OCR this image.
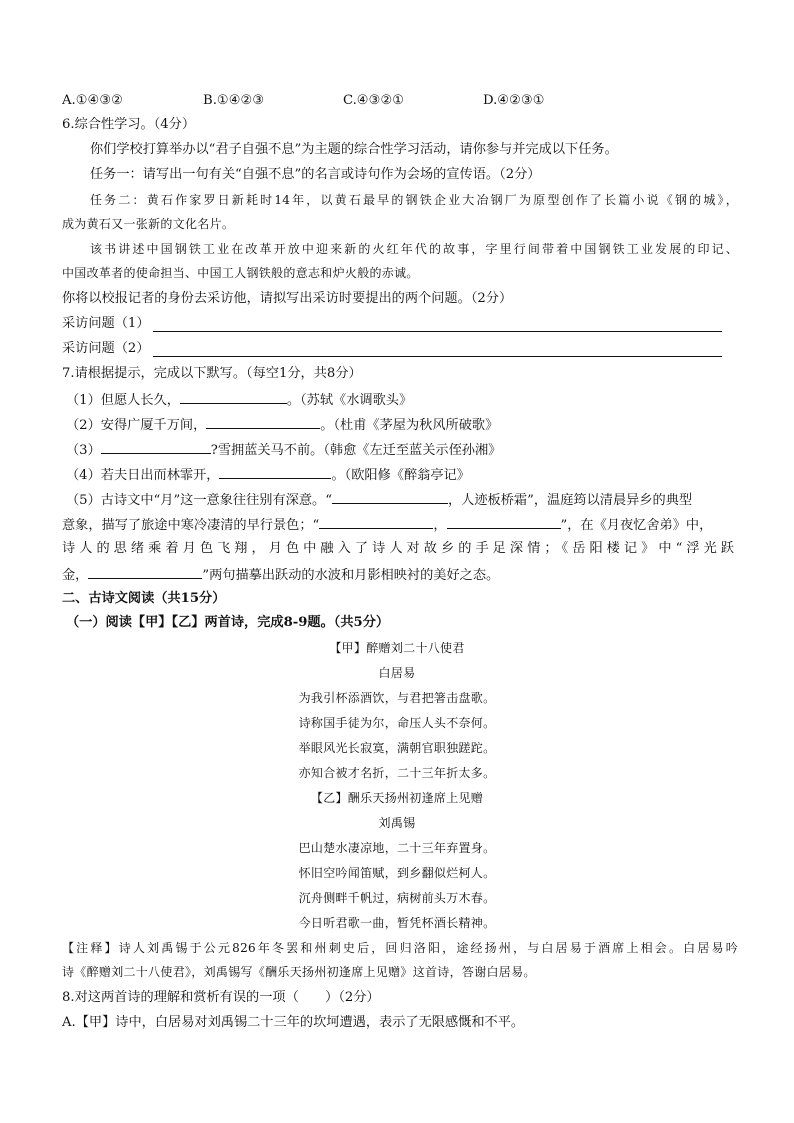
A.①④③②	B.①④②③	C.④③②①	D.④②③①
6.综合性学习。（4分）
你们学校打算举办以“君子自强不息”为主题的综合性学习活动，请你参与并完成以下任务。
任务一：请写出一句有关“自强不息”的名言或诗句作为会场的宣传语。（2分）
任务二：黄石作家罗日新耗时14年，以黄石最早的钢铁企业大冶钢厂为原型创作了长篇小说《钢的城》，
成为黄石又一张新的文化名片。
该书讲述中国钢铁工业在改革开放中迎来新的火红年代的故事，字里行间带着中国钢铁工业发展的印记、
中国改革者的使命担当、中国工人钢铁般的意志和炉火般的赤诚。
你将以校报记者的身份去采访他，请拟写出采访时要提出的两个问题。（2分）
采访问题（1）
采访问题（2）
7.请根据提示，完成以下默写。（每空1分，共8分）
（1）但愿人长久，	。（苏轼《水调歌头》
（2）安得广厦千万间，	。（杜甫《茅屋为秋风所破歌》
（3）	?雪拥蓝关马不前。（韩愈《左迁至蓝关示侄孙湘》
（4）若夫日出而林霏开，	。（欧阳修《醉翁亭记》
（5）古诗文中“月”这一意象往往别有深意。“	，人迹板桥霜”，温庭筠以清晨异乡的典型
意象，描写了旅途中寒冷凄清的早行景色；“	，	”，在《月夜忆舍弟》中，
诗人的思绪乘着月色飞翔，月色中融入了诗人对故乡的手足深情；《岳阳楼记》中“浮光跃
金，	”两句描摹出跃动的水波和月影相映衬的美好之态。
二、古诗文阅读（共15分）
（一）阅读【甲】【乙】两首诗，完成8-9题。（共5分）
【甲】醉赠刘二十八使君
白居易
为我引杯添酒饮，与君把箸击盘歌。
诗称国手徒为尔，命压人头不奈何。
举眼风光长寂寞，满朝官职独蹉跎。
亦知合被才名折，二十三年折太多。
【乙】酬乐天扬州初逢席上见赠
刘禹锡
巴山楚水凄凉地，二十三年弃置身。
怀旧空吟闻笛赋，到乡翻似烂柯人。
沉舟侧畔千帆过，病树前头万木春。
今日听君歌一曲，暂凭杯酒长精神。
【注释】诗人刘禹锡于公元826年冬罢和州刺史后，回归洛阳，途经扬州，与白居易于酒席上相会。白居易吟
诗《醉赠刘二十八使君》，刘禹锡写《酬乐天扬州初逢席上见赠》这首诗，答谢白居易。
8.对这两首诗的理解和赏析有误的一项（　　）（2分）
A.【甲】诗中，白居易对刘禹锡二十三年的坎坷遭遇，表示了无限感慨和不平。
